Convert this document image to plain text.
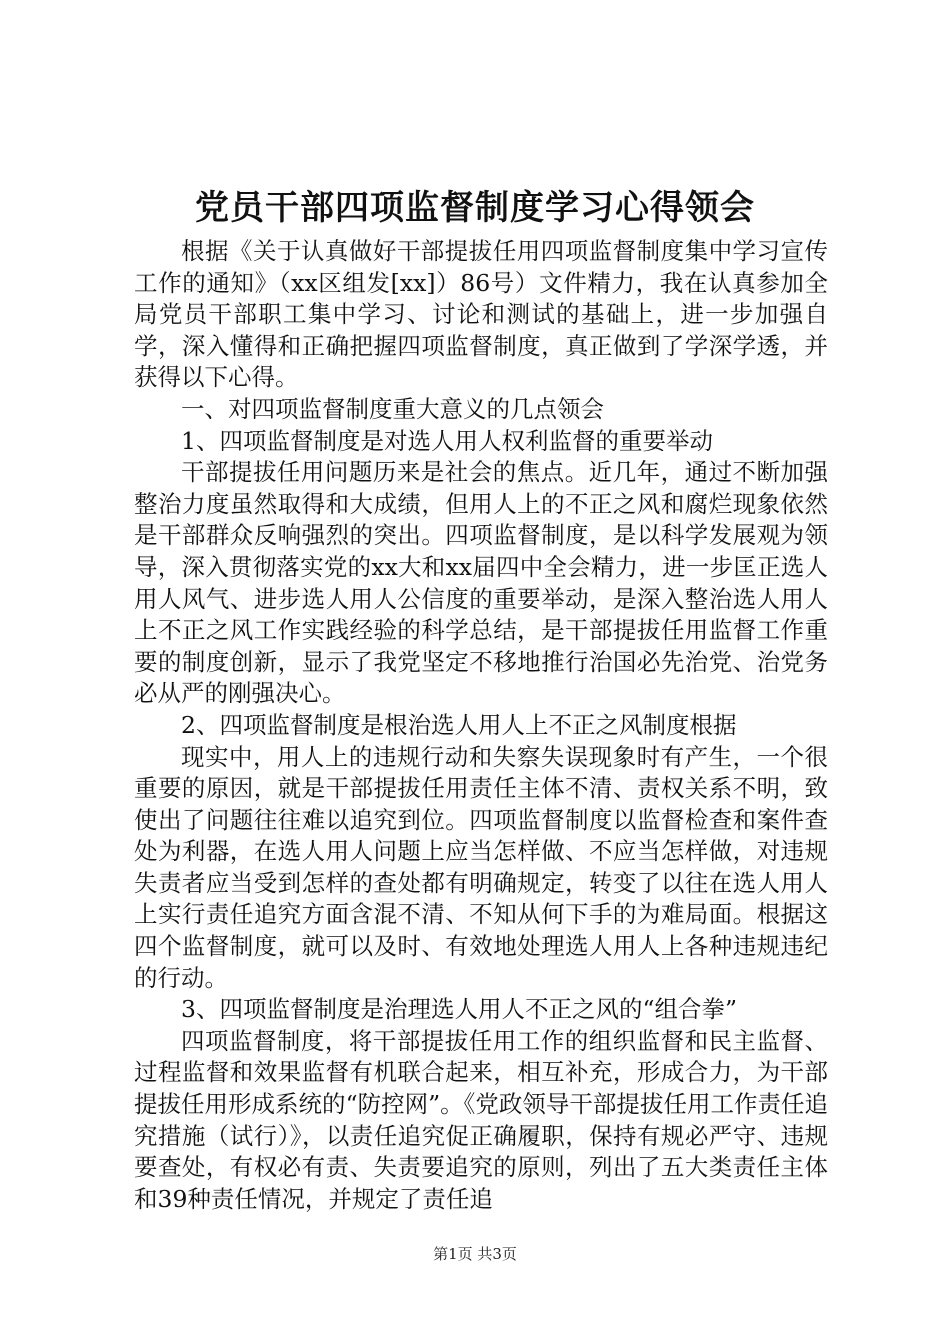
党员干部四项监督制度学习心得领会

根据《关于认真做好干部提拔任用四项监督制度集中学习宣传工作的通知》（xx区组发[xx]）86号）文件精力，我在认真参加全局党员干部职工集中学习、讨论和测试的基础上，进一步加强自学，深入懂得和正确把握四项监督制度，真正做到了学深学透，并获得以下心得。

一、对四项监督制度重大意义的几点领会

1、四项监督制度是对选人用人权利监督的重要举动

干部提拔任用问题历来是社会的焦点。近几年，通过不断加强整治力度虽然取得和大成绩，但用人上的不正之风和腐烂现象依然是干部群众反响强烈的突出。四项监督制度，是以科学发展观为领导，深入贯彻落实党的xx大和xx届四中全会精力，进一步匡正选人用人风气、进步选人用人公信度的重要举动，是深入整治选人用人上不正之风工作实践经验的科学总结，是干部提拔任用监督工作重要的制度创新，显示了我党坚定不移地推行治国必先治党、治党务必从严的刚强决心。

2、四项监督制度是根治选人用人上不正之风制度根据

现实中，用人上的违规行动和失察失误现象时有产生，一个很重要的原因，就是干部提拔任用责任主体不清、责权关系不明，致使出了问题往往难以追究到位。四项监督制度以监督检查和案件查处为利器，在选人用人问题上应当怎样做、不应当怎样做，对违规失责者应当受到怎样的查处都有明确规定，转变了以往在选人用人上实行责任追究方面含混不清、不知从何下手的为难局面。根据这四个监督制度，就可以及时、有效地处理选人用人上各种违规违纪的行动。

3、四项监督制度是治理选人用人不正之风的“组合拳”

四项监督制度，将干部提拔任用工作的组织监督和民主监督、过程监督和效果监督有机联合起来，相互补充，形成合力，为干部提拔任用形成系统的“防控网”。《党政领导干部提拔任用工作责任追究措施（试行）》，以责任追究促正确履职，保持有规必严守、违规要查处，有权必有责、失责要追究的原则，列出了五大类责任主体和39种责任情况，并规定了责任追

第1页 共3页
